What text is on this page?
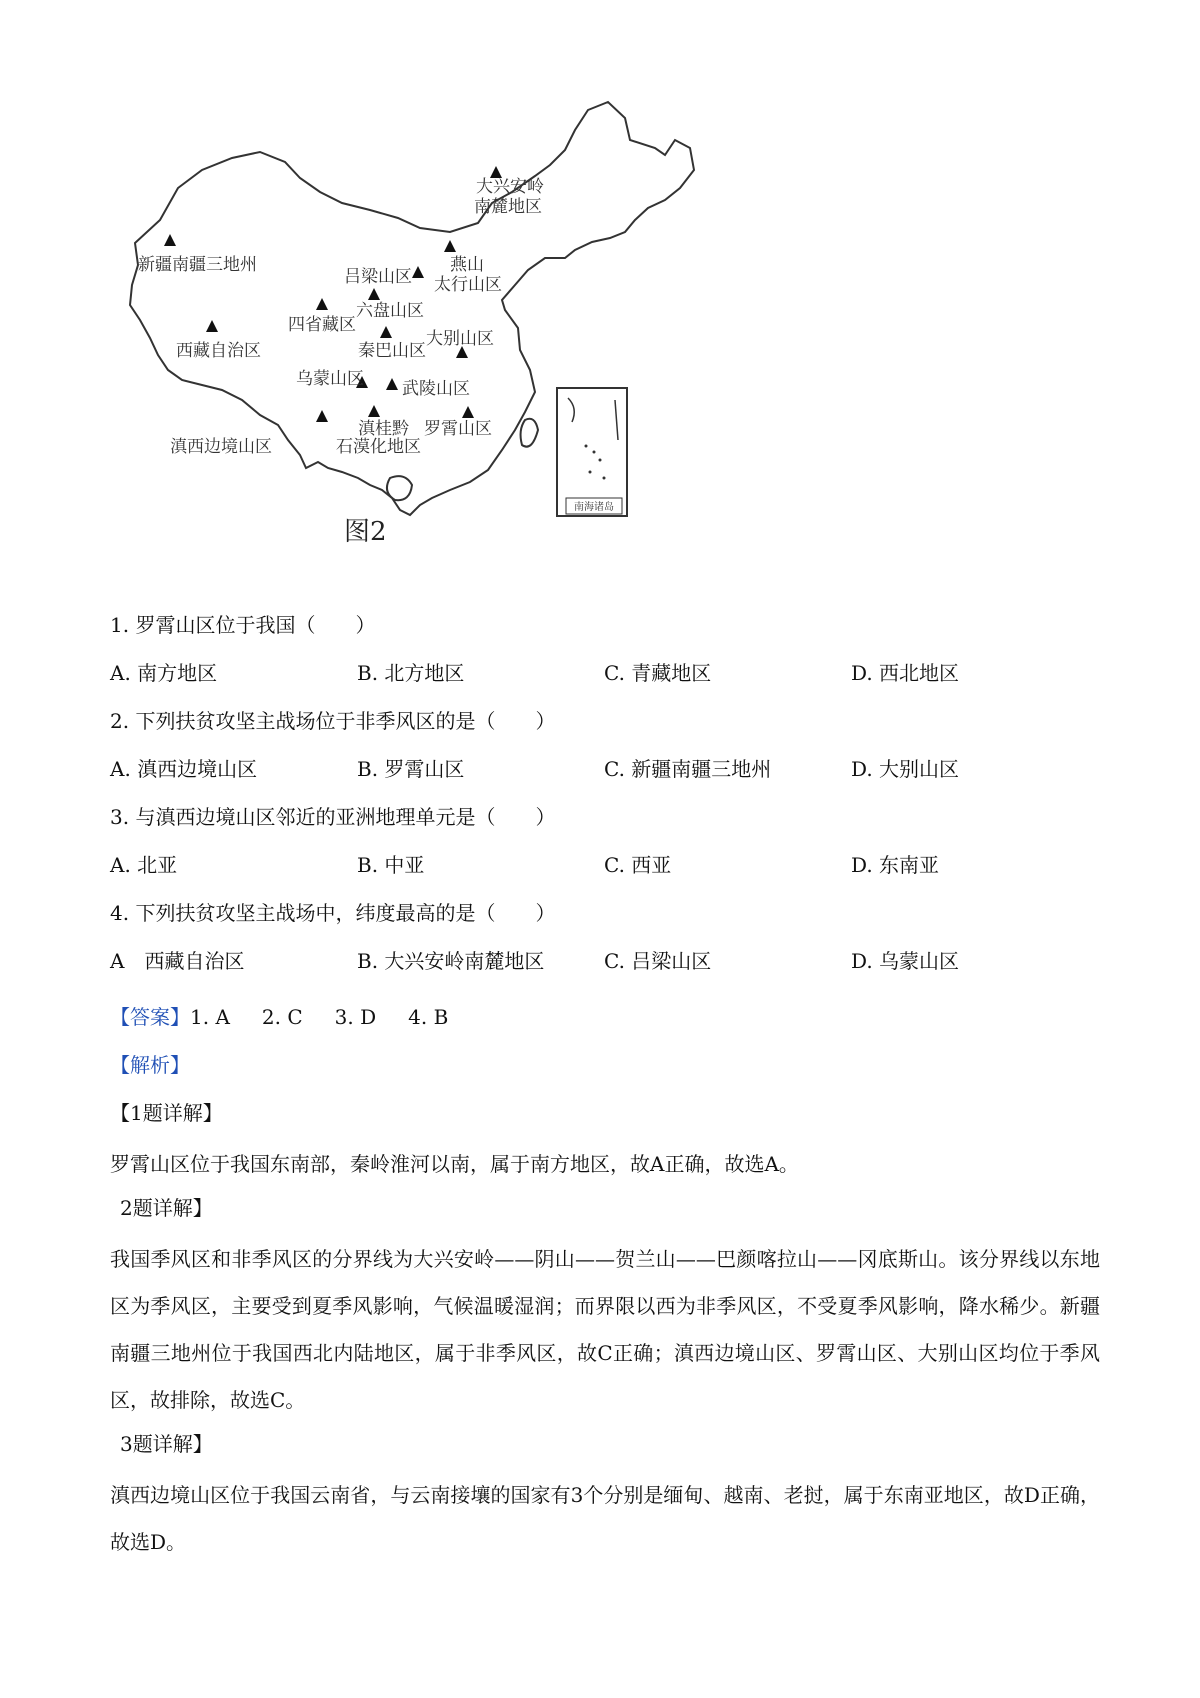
南海诸岛
大兴安岭
南麓地区
新疆南疆三地州	燕山
吕梁山区 太行山区
六盘山区
四省藏区
大别山区
西藏自治区	秦巴山区
乌蒙山区 武陵山区
滇桂黔 罗霄山区
滇西边境山区	石漠化地区
图2
1. 罗霄山区位于我国（　　）
A. 南方地区	B. 北方地区	C. 青藏地区	D. 西北地区
2. 下列扶贫攻坚主战场位于非季风区的是（　　）
A. 滇西边境山区	B. 罗霄山区	C. 新疆南疆三地州	D. 大别山区
3. 与滇西边境山区邻近的亚洲地理单元是（　　）
A. 北亚	B. 中亚	C. 西亚	D. 东南亚
4. 下列扶贫攻坚主战场中，纬度最高的是（　　）
A　西藏自治区	B. 大兴安岭南麓地区	C. 吕梁山区	D. 乌蒙山区
【答案】1. A 2. C 3. D 4. B
【解析】
【1题详解】
罗霄山区位于我国东南部，秦岭淮河以南，属于南方地区，故A正确，故选A。
2题详解】
我国季风区和非季风区的分界线为大兴安岭——阴山——贺兰山——巴颜喀拉山——冈底斯山。该分界线以东地区为季风区，主要受到夏季风影响，气候温暖湿润；而界限以西为非季风区，不受夏季风影响，降水稀少。新疆南疆三地州位于我国西北内陆地区，属于非季风区，故C正确；滇西边境山区、罗霄山区、大别山区均位于季风区，故排除，故选C。
3题详解】
滇西边境山区位于我国云南省，与云南接壤的国家有3个分别是缅甸、越南、老挝，属于东南亚地区，故D正确，故选D。
